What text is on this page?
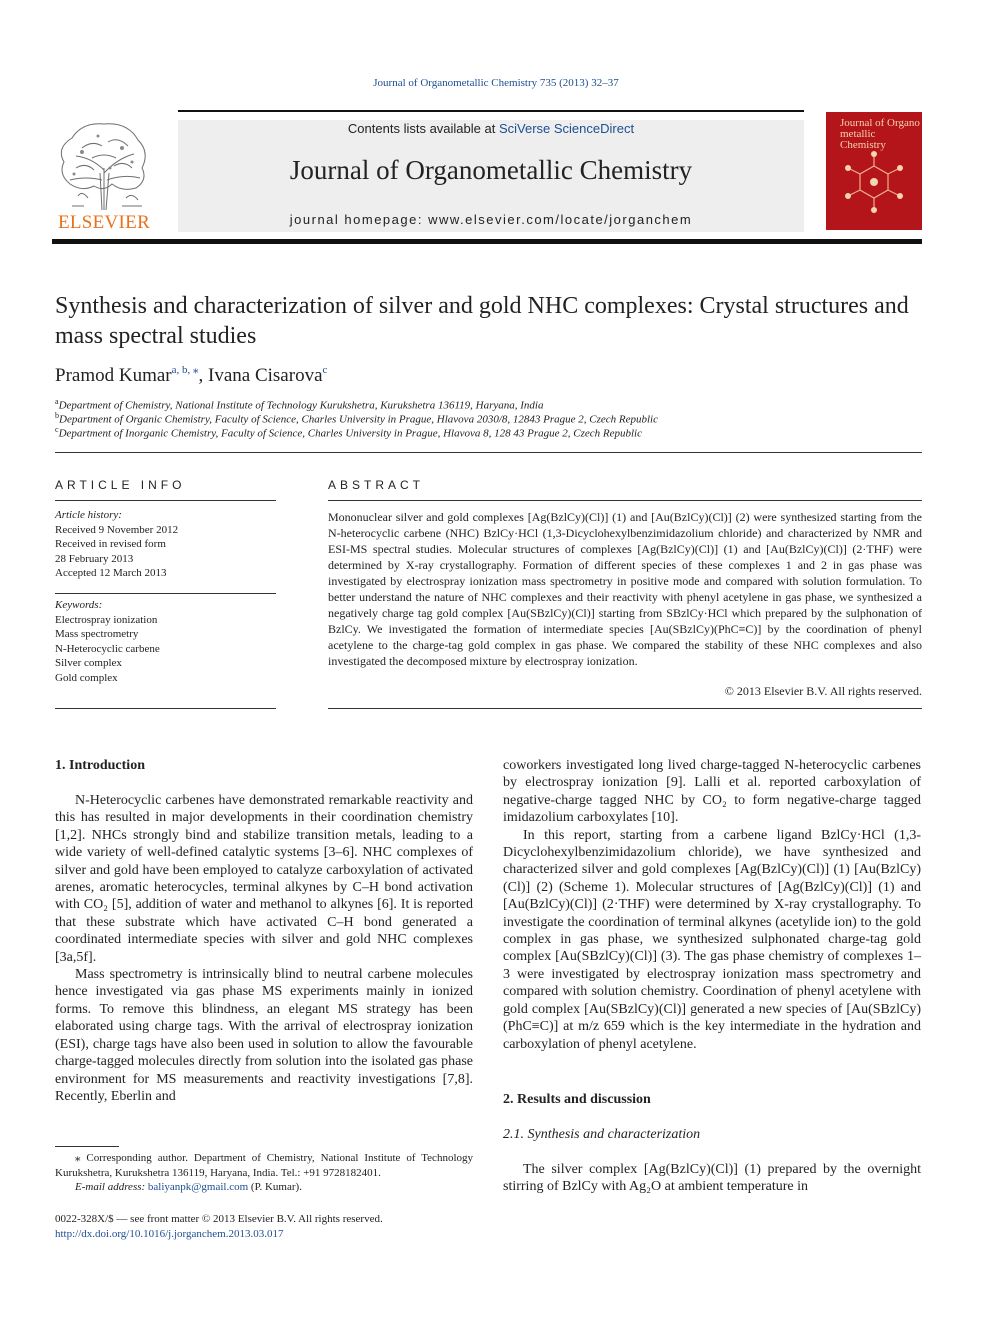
Journal of Organometallic Chemistry 735 (2013) 32–37
ELSEVIER
Contents lists available at SciVerse ScienceDirect
Journal of Organometallic Chemistry
journal homepage: www.elsevier.com/locate/jorganchem
Journal of Organo metallic Chemistry
Synthesis and characterization of silver and gold NHC complexes: Crystal structures and mass spectral studies
Pramod Kumar$^{a, b, ⁎}$, Ivana Cisarova$^c$
$^a$Department of Chemistry, National Institute of Technology Kurukshetra, Kurukshetra 136119, Haryana, India
$^b$Department of Organic Chemistry, Faculty of Science, Charles University in Prague, Hlavova 2030/8, 12843 Prague 2, Czech Republic
$^c$Department of Inorganic Chemistry, Faculty of Science, Charles University in Prague, Hlavova 8, 128 43 Prague 2, Czech Republic
ARTICLE INFO
Article history:
Received 9 November 2012
Received in revised form
28 February 2013
Accepted 12 March 2013
Keywords:
Electrospray ionization
Mass spectrometry
N-Heterocyclic carbene
Silver complex
Gold complex
ABSTRACT
Mononuclear silver and gold complexes [Ag(BzlCy)(Cl)] (1) and [Au(BzlCy)(Cl)] (2) were synthesized starting from the N-heterocyclic carbene (NHC) BzlCy·HCl (1,3-Dicyclohexylbenzimidazolium chloride) and characterized by NMR and ESI-MS spectral studies. Molecular structures of complexes [Ag(BzlCy)(Cl)] (1) and [Au(BzlCy)(Cl)] (2·THF) were determined by X-ray crystallography. Formation of different species of these complexes 1 and 2 in gas phase was investigated by electrospray ionization mass spectrometry in positive mode and compared with solution formulation. To better understand the nature of NHC complexes and their reactivity with phenyl acetylene in gas phase, we synthesized a negatively charge tag gold complex [Au(SBzlCy)(Cl)] starting from SBzlCy·HCl which prepared by the sulphonation of BzlCy. We investigated the formation of intermediate species [Au(SBzlCy)(PhC≡C)] by the coordination of phenyl acetylene to the charge-tag gold complex in gas phase. We compared the stability of these NHC complexes and also investigated the decomposed mixture by electrospray ionization.
© 2013 Elsevier B.V. All rights reserved.
1. Introduction

N-Heterocyclic carbenes have demonstrated remarkable reactivity and this has resulted in major developments in their coordination chemistry [1,2]. NHCs strongly bind and stabilize transition metals, leading to a wide variety of well-defined catalytic systems [3–6]. NHC complexes of silver and gold have been employed to catalyze carboxylation of activated arenes, aromatic heterocycles, terminal alkynes by C–H bond activation with CO₂ [5], addition of water and methanol to alkynes [6]. It is reported that these substrate which have activated C–H bond generated a coordinated intermediate species with silver and gold NHC complexes [3a,5f].

Mass spectrometry is intrinsically blind to neutral carbene molecules hence investigated via gas phase MS experiments mainly in ionized forms. To remove this blindness, an elegant MS strategy has been elaborated using charge tags. With the arrival of electrospray ionization (ESI), charge tags have also been used in solution to allow the favourable charge-tagged molecules directly from solution into the isolated gas phase environment for MS measurements and reactivity investigations [7,8]. Recently, Eberlin and

coworkers investigated long lived charge-tagged N-heterocyclic carbenes by electrospray ionization [9]. Lalli et al. reported carboxylation of negative-charge tagged NHC by CO₂ to form negative-charge tagged imidazolium carboxylates [10].

In this report, starting from a carbene ligand BzlCy·HCl (1,3-Dicyclohexylbenzimidazolium chloride), we have synthesized and characterized silver and gold complexes [Ag(BzlCy)(Cl)] (1) [Au(BzlCy)(Cl)] (2) (Scheme 1). Molecular structures of [Ag(BzlCy)(Cl)] (1) and [Au(BzlCy)(Cl)] (2·THF) were determined by X-ray crystallography. To investigate the coordination of terminal alkynes (acetylide ion) to the gold complex in gas phase, we synthesized sulphonated charge-tag gold complex [Au(SBzlCy)(Cl)] (3). The gas phase chemistry of complexes 1–3 were investigated by electrospray ionization mass spectrometry and compared with solution chemistry. Coordination of phenyl acetylene with gold complex [Au(SBzlCy)(Cl)] generated a new species of [Au(SBzlCy)(PhC≡C)] at m/z 659 which is the key intermediate in the hydration and carboxylation of phenyl acetylene.

2. Results and discussion
2.1. Synthesis and characterization

The silver complex [Ag(BzlCy)(Cl)] (1) prepared by the overnight stirring of BzlCy with Ag₂O at ambient temperature in

⁎ Corresponding author. Department of Chemistry, National Institute of Technology Kurukshetra, Kurukshetra 136119, Haryana, India. Tel.: +91 9728182401.
E-mail address: baliyanpk@gmail.com (P. Kumar).
0022-328X/$ — see front matter © 2013 Elsevier B.V. All rights reserved.
http://dx.doi.org/10.1016/j.jorganchem.2013.03.017
